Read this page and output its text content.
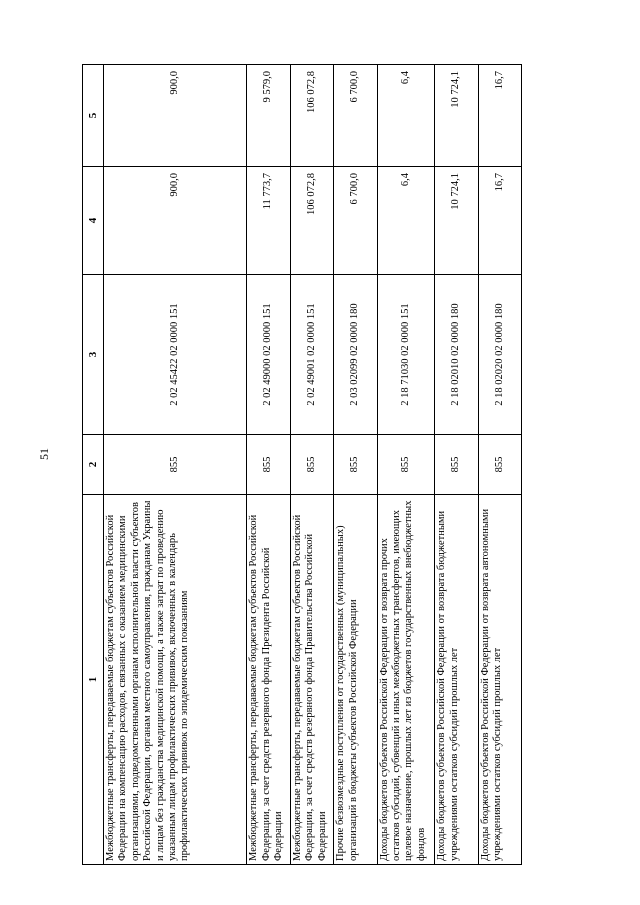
51
1	2	3	4	5
Межбюджетные трансферты, передаваемые бюджетам субъектов Российской Федерации на компенсацию расходов, связанных с оказанием медицинскими организациями, подведомственными органам исполнительной власти субъектов Российской Федерации, органам местного самоуправления, гражданам Украины и лицам без гражданства медицинской помощи, а также затрат по проведению указанным лицам профилактических прививок, включенных в календарь профилактических прививок по эпидемическим показаниям	855	2 02 45422 02 0000 151	900,0	900,0
Межбюджетные трансферты, передаваемые бюджетам субъектов Российской Федерации, за счет средств резервного фонда Президента Российской Федерации	855	2 02 49000 02 0000 151	11 773,7	9 579,0
Межбюджетные трансферты, передаваемые бюджетам субъектов Российской Федерации, за счет средств резервного фонда Правительства Российской Федерации	855	2 02 49001 02 0000 151	106 072,8	106 072,8
Прочие безвозмездные поступления от государственных (муниципальных) организаций в бюджеты субъектов Российской Федерации	855	2 03 02099 02 0000 180	6 700,0	6 700,0
Доходы бюджетов субъектов Российской Федерации от возврата прочих остатков субсидий, субвенций и иных межбюджетных трансфертов, имеющих целевое назначение, прошлых лет из бюджетов государственных внебюджетных фондов	855	2 18 71030 02 0000 151	6,4	6,4
Доходы бюджетов субъектов Российской Федерации от возврата бюджетными учреждениями остатков субсидий прошлых лет	855	2 18 02010 02 0000 180	10 724,1	10 724,1
Доходы бюджетов субъектов Российской Федерации от возврата автономными учреждениями остатков субсидий прошлых лет	855	2 18 02020 02 0000 180	16,7	16,7
